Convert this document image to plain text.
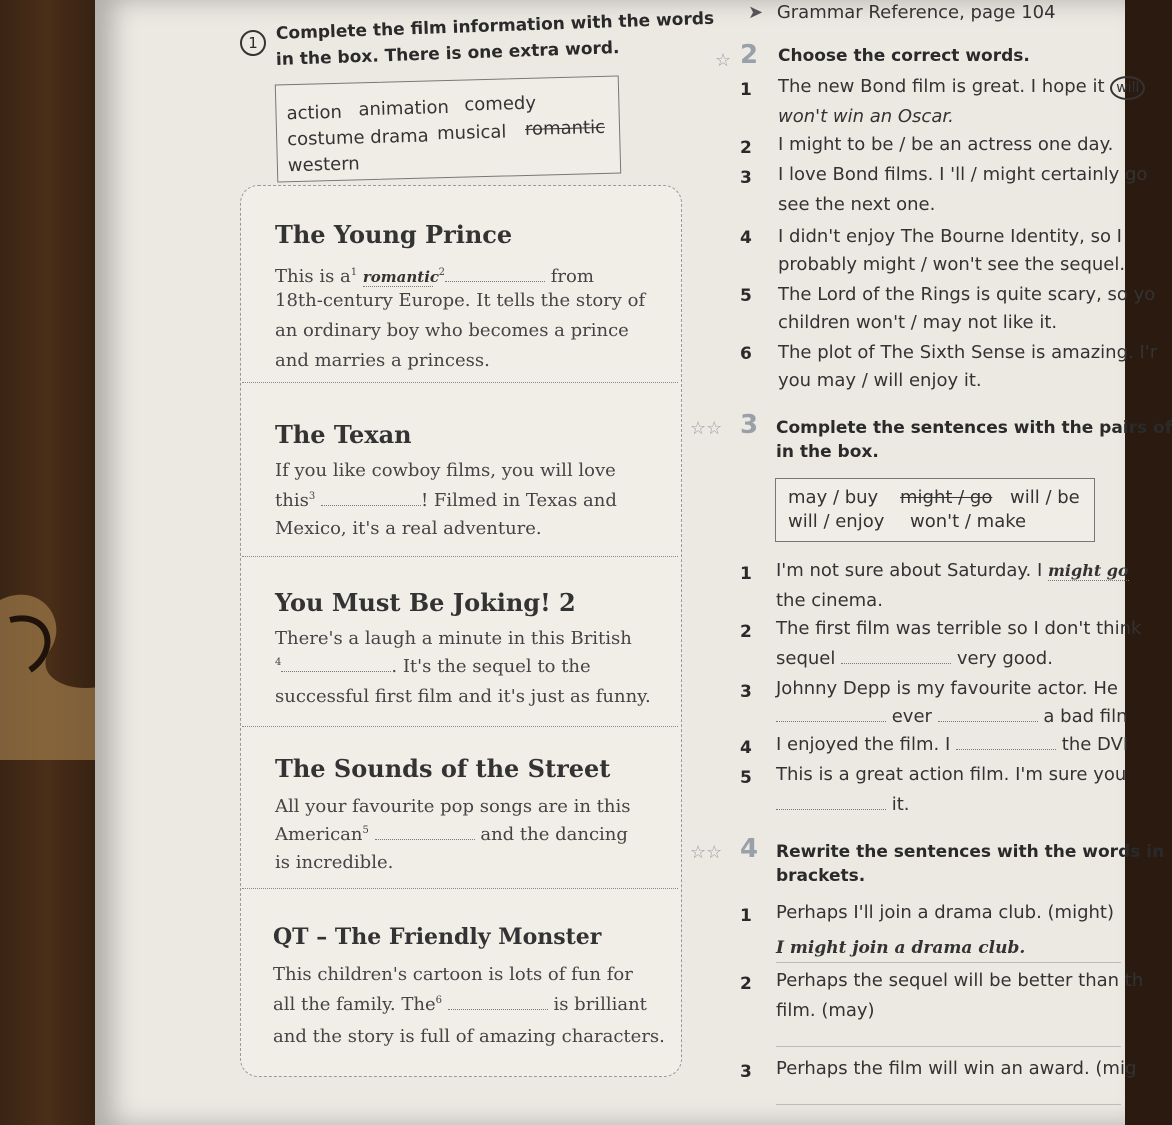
➤ Grammar Reference, page 104
1	Complete the film information with the words
in the box. There is one extra word.
action animation comedy
costume drama musical romantic
western
The Young Prince
This is $a^1$ romantic $^2$	from
18th-century Europe. It tells the story of
an ordinary boy who becomes a prince
and marries a princess.
The Texan
If you like cowboy films, you will love
this$^3$	! Filmed in Texas and
Mexico, it's a real adventure.
You Must Be Joking! 2
There's a laugh a minute in this British
$^4$	. It's the sequel to the
successful first film and it's just as funny.
The Sounds of the Street
All your favourite pop songs are in this
American$^5$	and the dancing
is incredible.
QT – The Friendly Monster
This children's cartoon is lots of fun for
all the family. The$^6$	is brilliant
and the story is full of amazing characters.
☆ 2 Choose the correct words.
1 The new Bond film is great. I hope it will
won't win an Oscar.
2 I might to be / be an actress one day.
3 I love Bond films. I 'll / might certainly go
see the next one.
4 I didn't enjoy The Bourne Identity, so I
probably might / won't see the sequel.
5 The Lord of the Rings is quite scary, so yo
children won't / may not like it.
6 The plot of The Sixth Sense is amazing. I'r
you may / will enjoy it.
☆☆ 3 Complete the sentences with the pairs of
in the box.
may / buy might / go will / be
will / enjoy won't / make
1 I'm not sure about Saturday. I might go
the cinema.
2 The first film was terrible so I don't think
sequel	very good.
3 Johnny Depp is my favourite actor. He
ever	a bad filn
4 I enjoyed the film. I	the DVI
5 This is a great action film. I'm sure you
it.
☆☆ 4 Rewrite the sentences with the words in
brackets.
1 Perhaps I'll join a drama club. (might)
I might join a drama club.
2 Perhaps the sequel will be better than th
film. (may)
3 Perhaps the film will win an award. (mig
